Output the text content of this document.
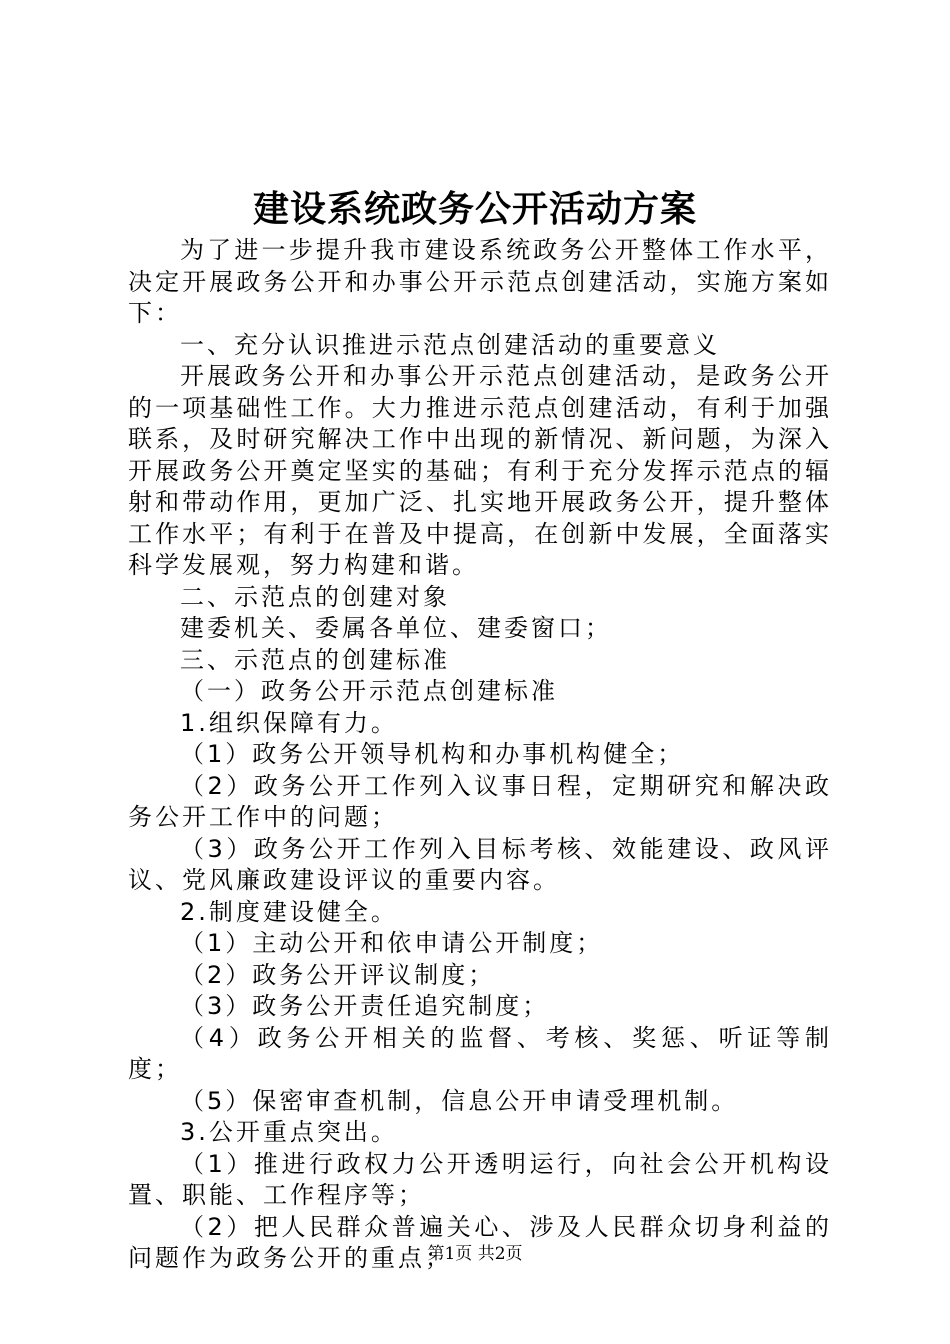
建设系统政务公开活动方案

为了进一步提升我市建设系统政务公开整体工作水平，决定开展政务公开和办事公开示范点创建活动，实施方案如下：

一、充分认识推进示范点创建活动的重要意义

开展政务公开和办事公开示范点创建活动，是政务公开的一项基础性工作。大力推进示范点创建活动，有利于加强联系，及时研究解决工作中出现的新情况、新问题，为深入开展政务公开奠定坚实的基础；有利于充分发挥示范点的辐射和带动作用，更加广泛、扎实地开展政务公开，提升整体工作水平；有利于在普及中提高，在创新中发展，全面落实科学发展观，努力构建和谐。

二、示范点的创建对象

建委机关、委属各单位、建委窗口；

三、示范点的创建标准

（一）政务公开示范点创建标准

1.组织保障有力。

（1）政务公开领导机构和办事机构健全；

（2）政务公开工作列入议事日程，定期研究和解决政务公开工作中的问题；

（3）政务公开工作列入目标考核、效能建设、政风评议、党风廉政建设评议的重要内容。

2.制度建设健全。

（1）主动公开和依申请公开制度；

（2）政务公开评议制度；

（3）政务公开责任追究制度；

（4）政务公开相关的监督、考核、奖惩、听证等制度；

（5）保密审查机制，信息公开申请受理机制。

3.公开重点突出。

（1）推进行政权力公开透明运行，向社会公开机构设置、职能、工作程序等；

（2）把人民群众普遍关心、涉及人民群众切身利益的问题作为政务公开的重点；

第1页 共2页
